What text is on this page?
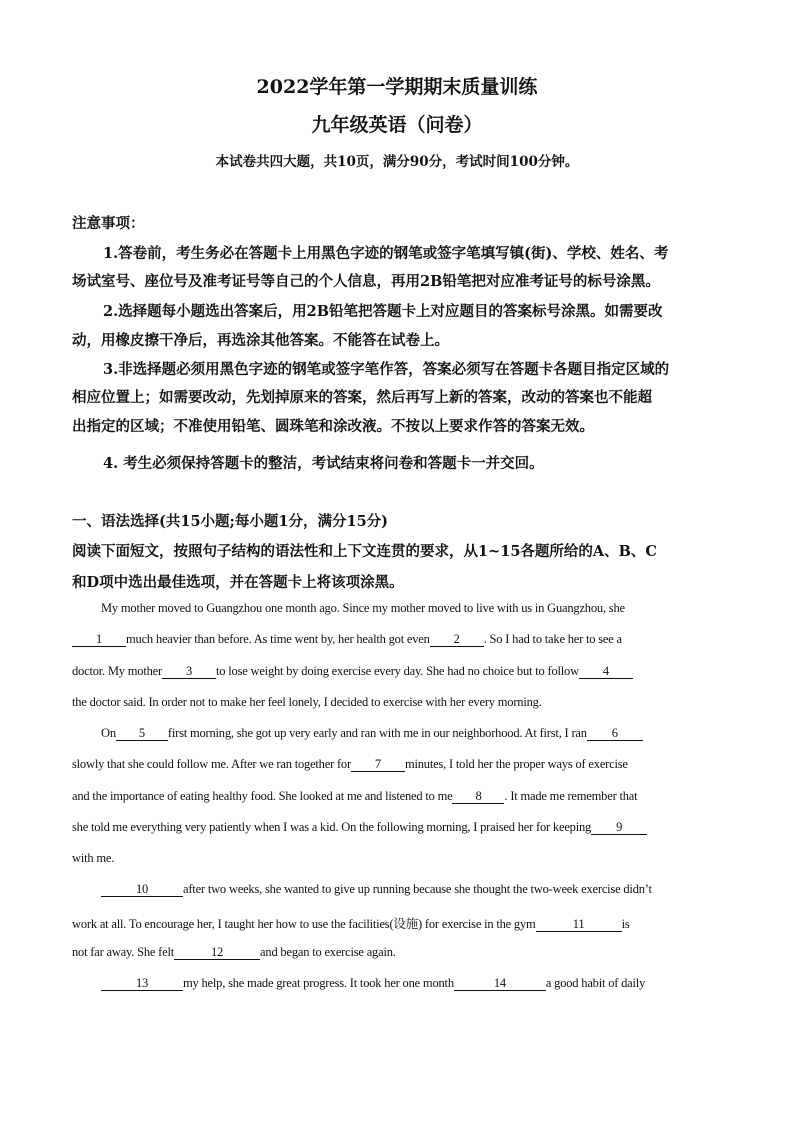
2022学年第一学期期末质量训练
九年级英语（问卷）
本试卷共四大题，共10页，满分90分，考试时间100分钟。
注意事项：
1.答卷前，考生务必在答题卡上用黑色字迹的钢笔或签字笔填写镇(街)、学校、姓名、考
场试室号、座位号及准考证号等自己的个人信息，再用2B铅笔把对应准考证号的标号涂黑。
2.选择题每小题选出答案后，用2B铅笔把答题卡上对应题目的答案标号涂黑。如需要改
动，用橡皮擦干净后，再选涂其他答案。不能答在试卷上。
3.非选择题必须用黑色字迹的钢笔或签字笔作答，答案必须写在答题卡各题目指定区域的
相应位置上；如需要改动，先划掉原来的答案，然后再写上新的答案，改动的答案也不能超
出指定的区域；不准使用铅笔、圆珠笔和涂改液。不按以上要求作答的答案无效。
4. 考生必须保持答题卡的整洁，考试结束将问卷和答题卡一并交回。
一、语法选择(共15小题;每小题1分，满分15分)
阅读下面短文，按照句子结构的语法性和上下文连贯的要求，从1~15各题所给的A、B、C
和D项中选出最佳选项，并在答题卡上将该项涂黑。
My mother moved to Guangzhou one month ago. Since my mother moved to live with us in Guangzhou, she
1 much heavier than before. As time went by, her health got even 2 . So I had to take her to see a
doctor. My mother 3 to lose weight by doing exercise every day. She had no choice but to follow 4
the doctor said. In order not to make her feel lonely, I decided to exercise with her every morning.
On 5 first morning, she got up very early and ran with me in our neighborhood. At first, I ran 6
slowly that she could follow me. After we ran together for 7 minutes, I told her the proper ways of exercise
and the importance of eating healthy food. She looked at me and listened to me 8 . It made me remember that
she told me everything very patiently when I was a kid. On the following morning, I praised her for keeping 9
with me.
10	after two weeks, she wanted to give up running because she thought the two-week exercise didn’t
work at all. To encourage her, I taught her how to use the facilities(设施) for exercise in the gym	11	is
not far away. She felt	12	and began to exercise again.
13	my help, she made great progress. It took her one month	14	a good habit of daily
